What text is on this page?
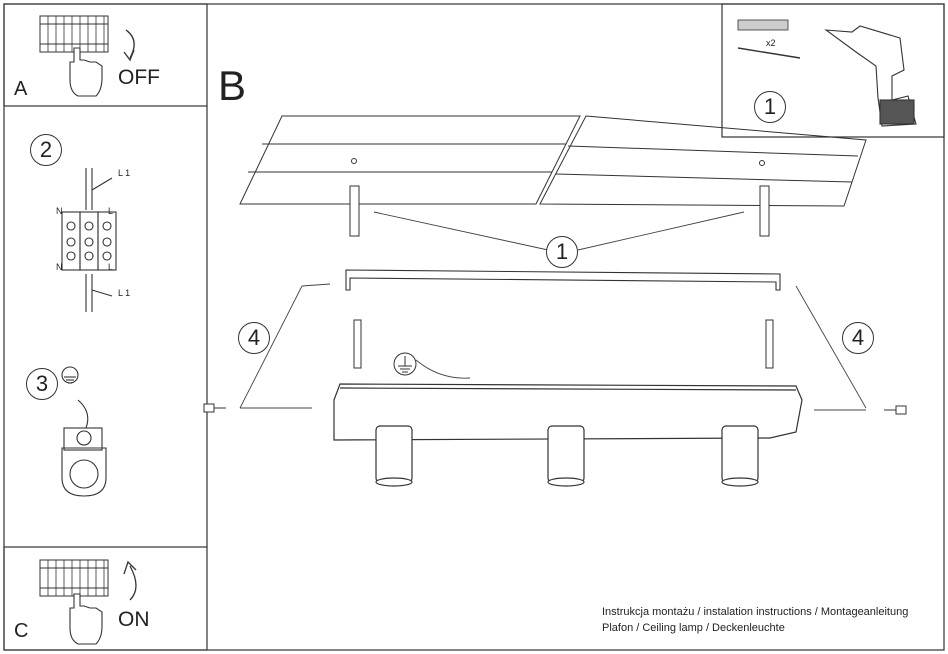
A	OFF
C	ON
B
2
3
1
1
4	4
L 1
L 1
N
N
L
L
x2
Instrukcja montażu / instalation instructions / Montageanleitung
Plafon / Ceiling lamp / Deckenleuchte
